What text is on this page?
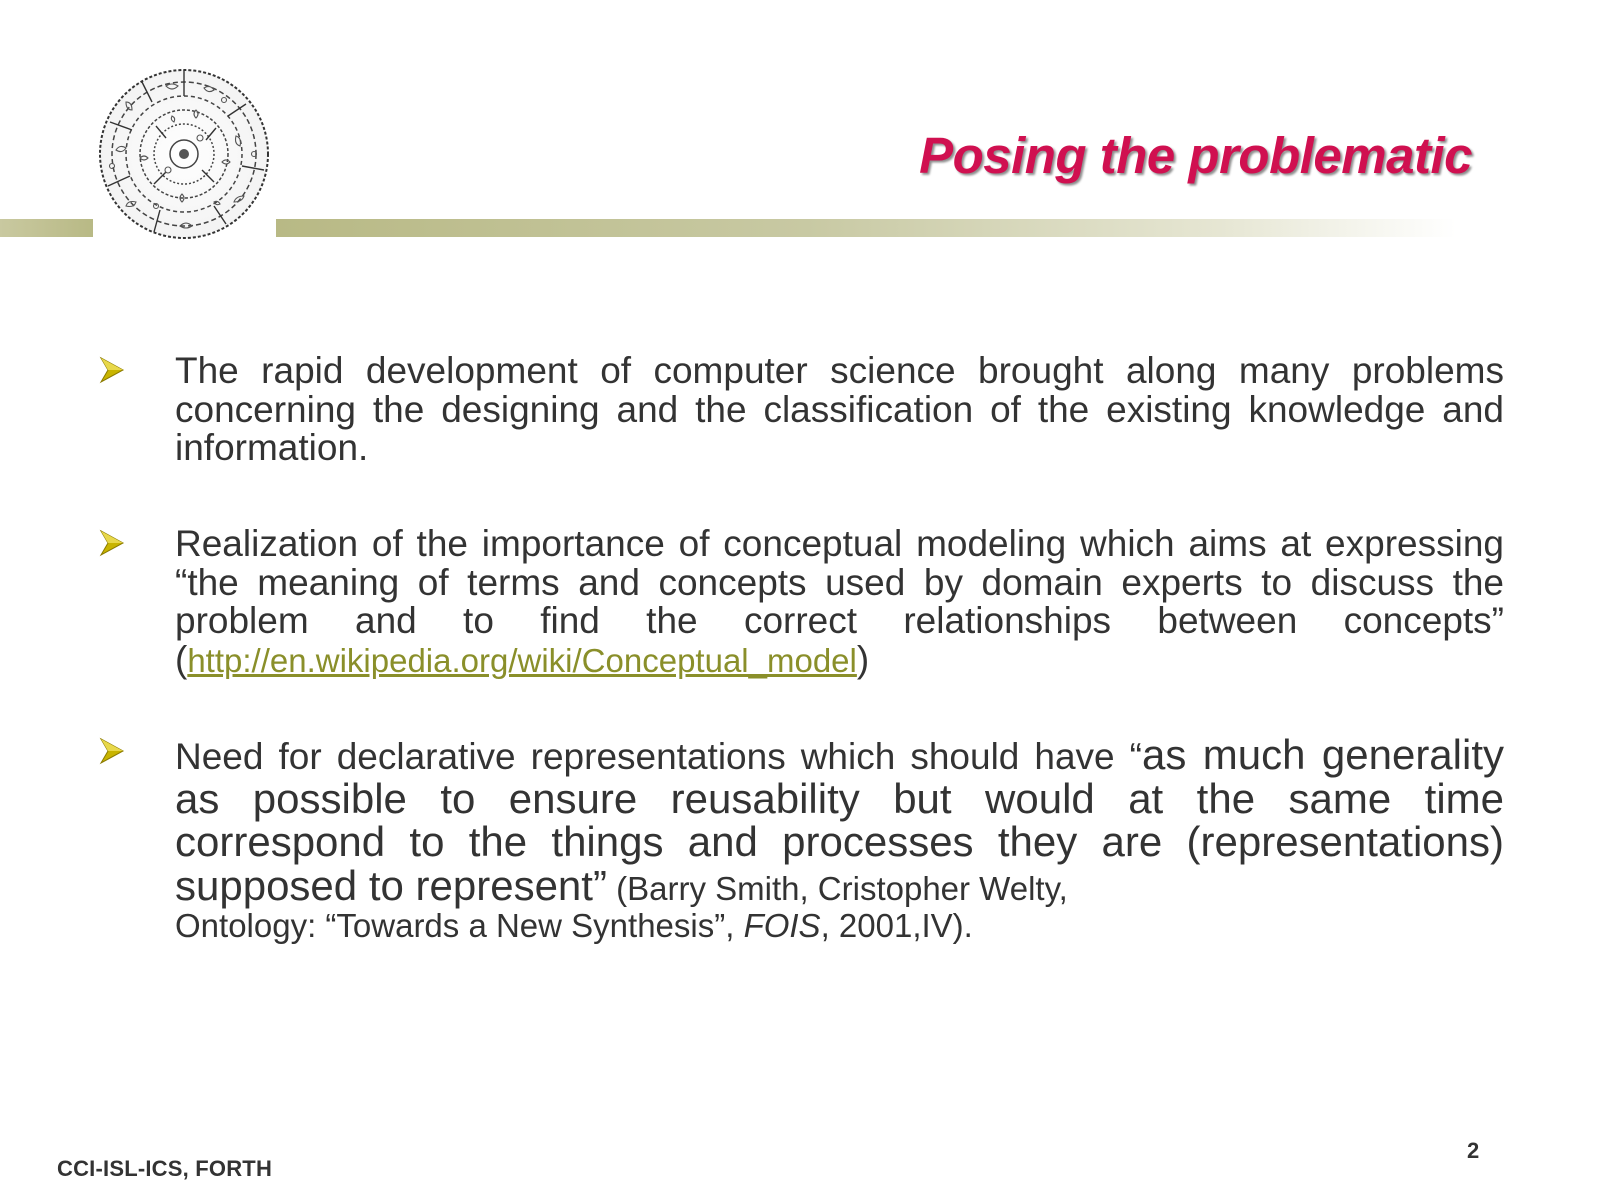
Posing the problematic
The rapid development of computer science brought along many problems concerning the designing and the classification of the existing knowledge and information.
Realization of the importance of conceptual modeling which aims at expressing “the meaning of terms and concepts used by domain experts to discuss the problem and to find the correct relationships between concepts” (http://en.wikipedia.org/wiki/Conceptual_model)
Need for declarative representations which should have “as much generality as possible to ensure reusability but would at the same time correspond to the things and processes they are (representations) supposed to represent” (Barry Smith, Cristopher Welty,
Ontology: “Towards a New Synthesis”, FOIS, 2001,IV).
CCI-ISL-ICS, FORTH
2
